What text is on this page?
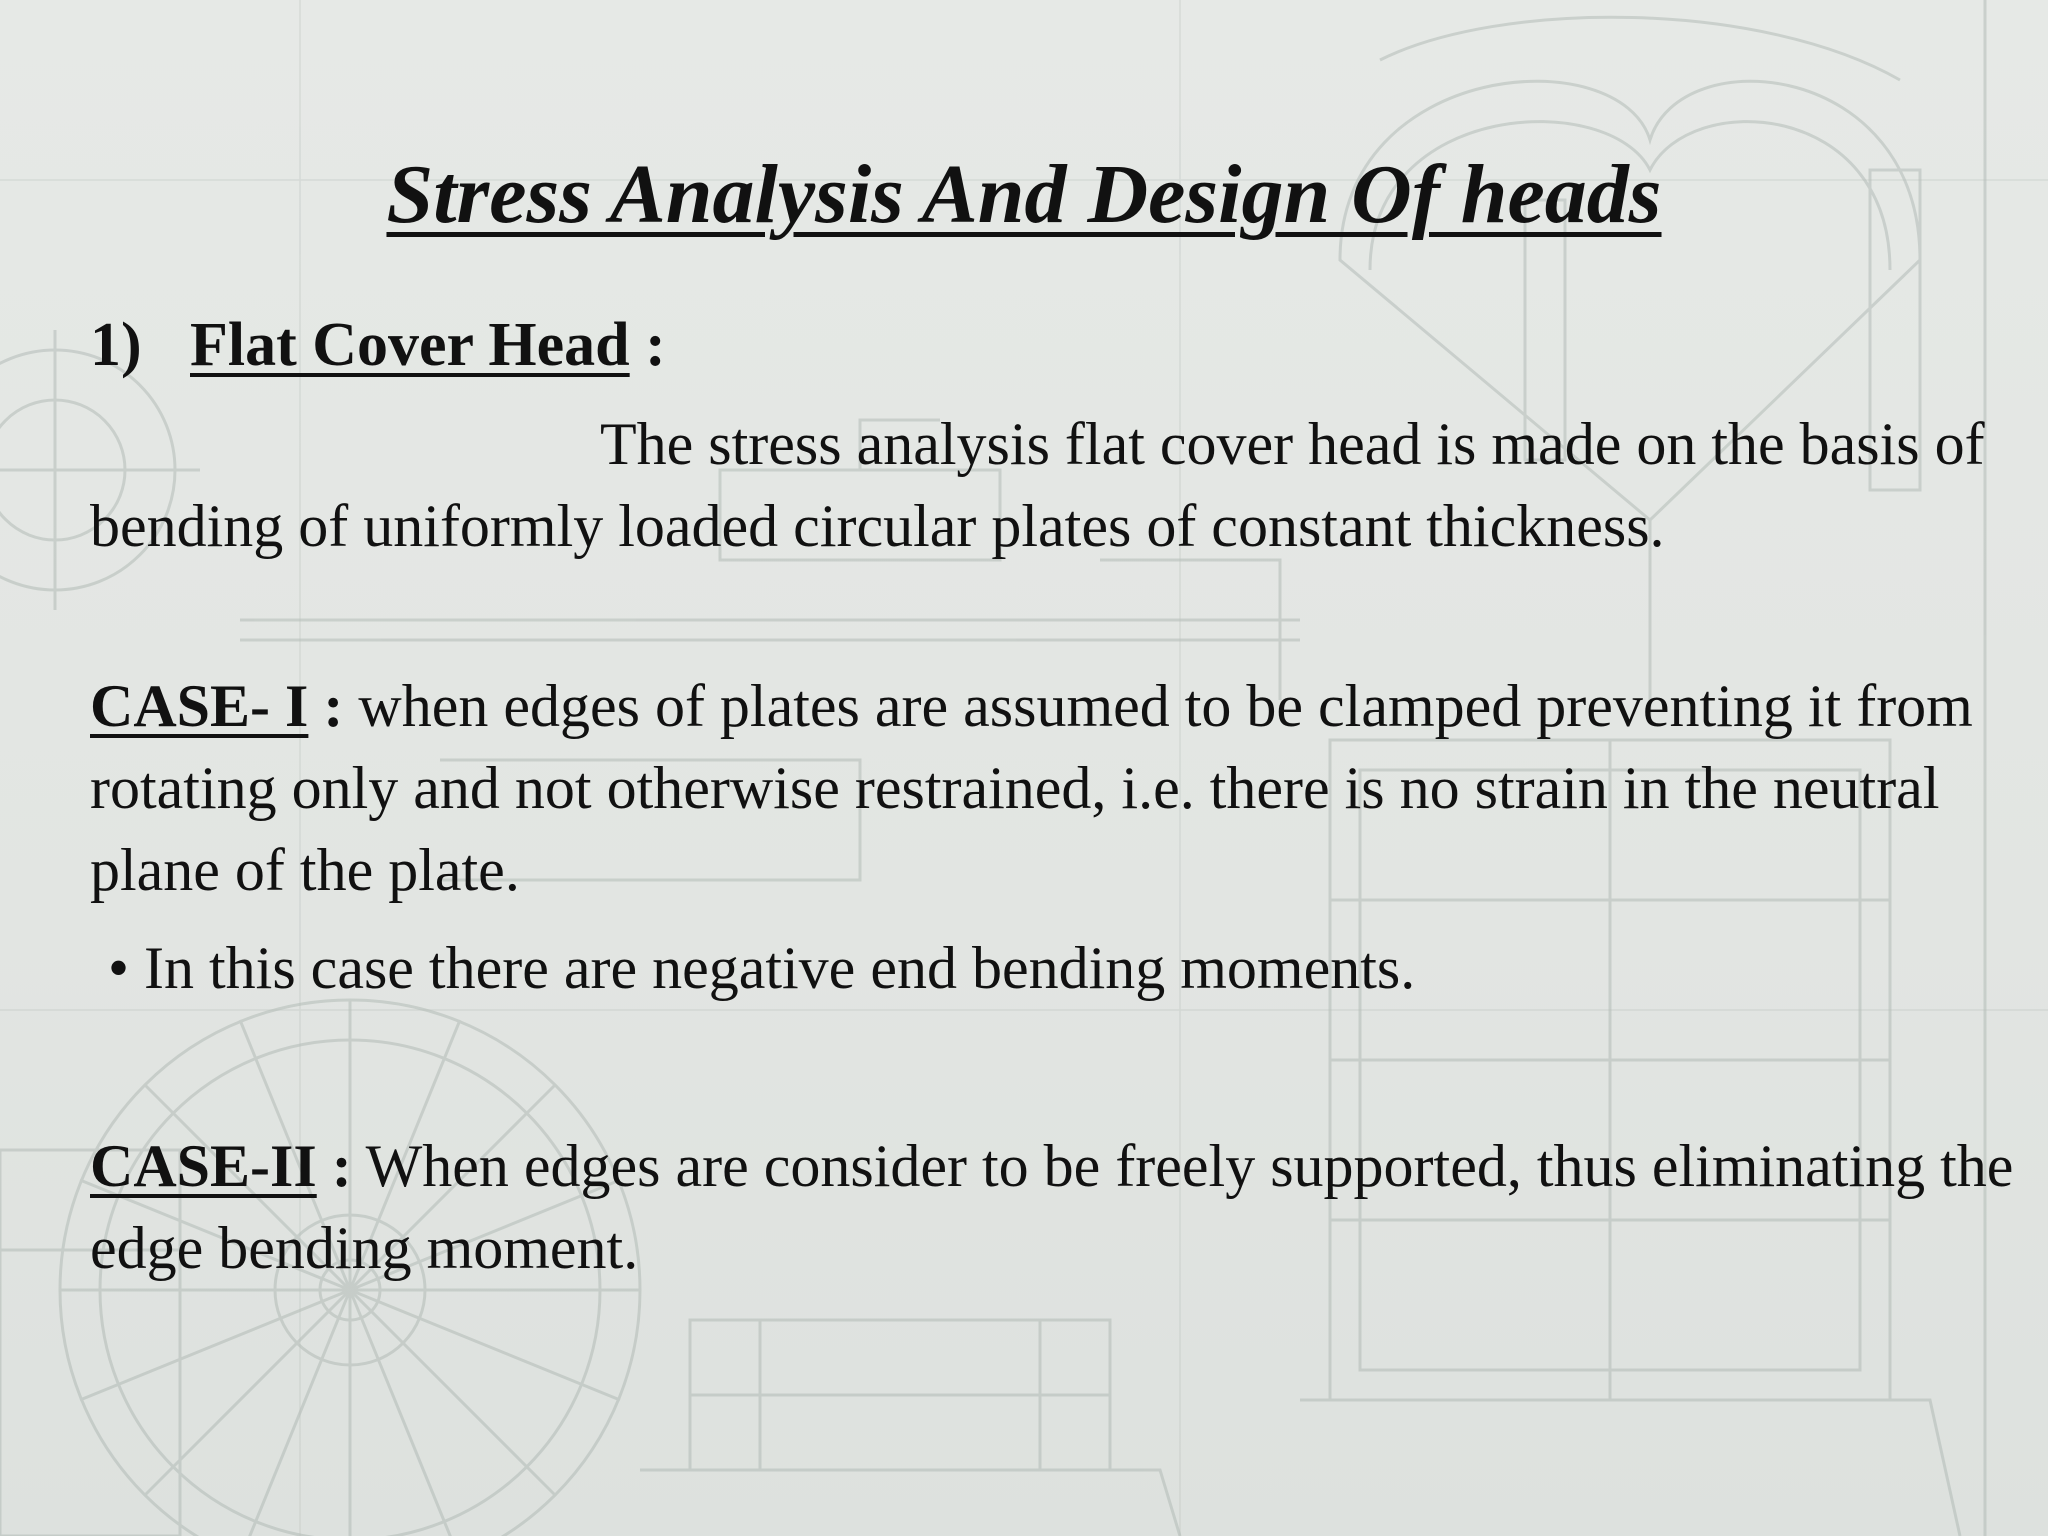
Stress Analysis And Design Of heads
1) Flat Cover Head :
The stress analysis flat cover head is made on the basis of bending of uniformly loaded circular plates of constant thickness.
CASE- I : when edges of plates are assumed to be clamped preventing it from rotating only and not otherwise restrained, i.e. there is no strain in the neutral plane of the plate.
• In this case there are negative end bending moments.
CASE-II : When edges are consider to be freely supported, thus eliminating the edge bending moment.
